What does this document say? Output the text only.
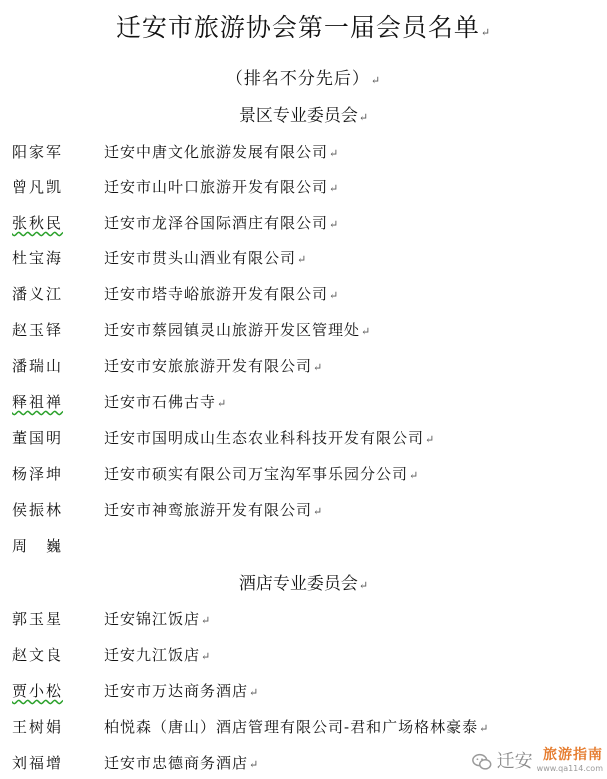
迁安市旅游协会第一届会员名单↵
（排名不分先后）↵
景区专业委员会↵
阳家军	迁安中唐文化旅游发展有限公司↵
曾凡凯	迁安市山叶口旅游开发有限公司↵
张秋民	迁安市龙泽谷国际酒庄有限公司↵
杜宝海	迁安市贯头山酒业有限公司↵
潘义江	迁安市塔寺峪旅游开发有限公司↵
赵玉铎	迁安市蔡园镇灵山旅游开发区管理处↵
潘瑞山	迁安市安旅旅游开发有限公司↵
释祖禅	迁安市石佛古寺↵
董国明	迁安市国明成山生态农业科科技开发有限公司↵
杨泽坤	迁安市硕实有限公司万宝沟军事乐园分公司↵
侯振林	迁安市神鸾旅游开发有限公司↵
周　巍
酒店专业委员会↵
郭玉星	迁安锦江饭店↵
赵文良	迁安九江饭店↵
贾小松	迁安市万达商务酒店↵
王树娟	柏悦森（唐山）酒店管理有限公司-君和广场格林豪泰↵
刘福增	迁安市忠德商务酒店↵	迁安 旅游指南
www.qa114.com
